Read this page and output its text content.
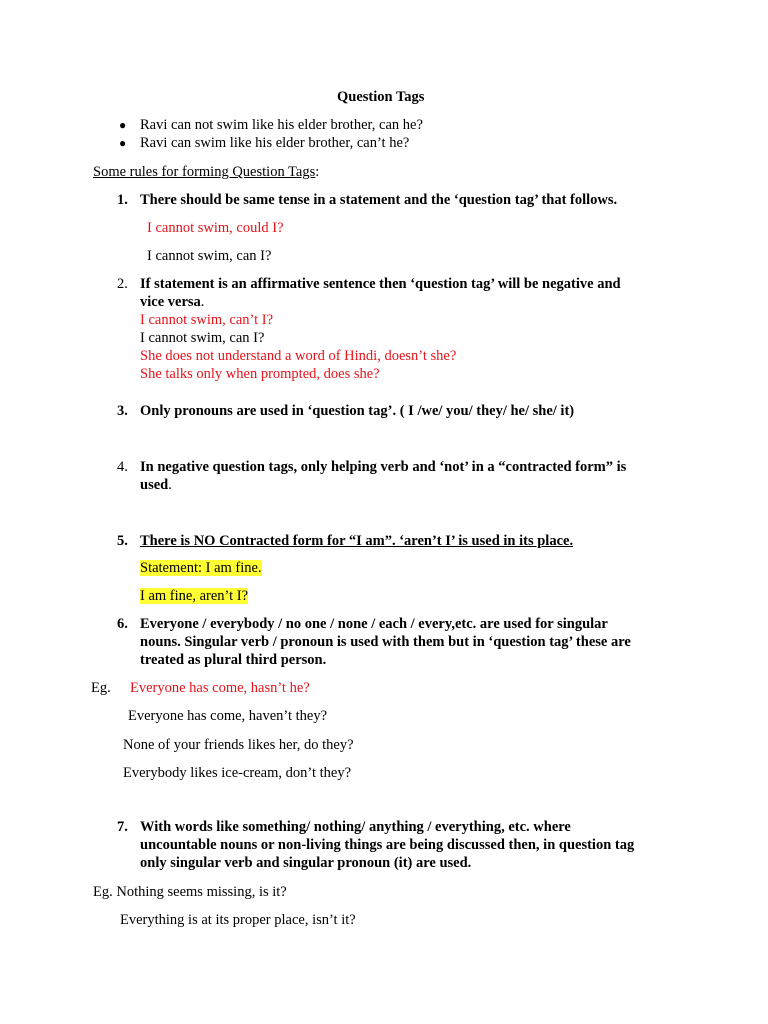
Question Tags
● Ravi can not swim like his elder brother, can he?
● Ravi can swim like his elder brother, can’t he?
Some rules for forming Question Tags:
1. There should be same tense in a statement and the ‘question tag’ that follows.
I cannot swim, could I?
I cannot swim, can I?
2. If statement is an affirmative sentence then ‘question tag’ will be negative and
vice versa.
I cannot swim, can’t I?
I cannot swim, can I?
She does not understand a word of Hindi, doesn’t she?
She talks only when prompted, does she?
3. Only pronouns are used in ‘question tag’. ( I /we/ you/ they/ he/ she/ it)
4. In negative question tags, only helping verb and ‘not’ in a “contracted form” is
used.
5. There is NO Contracted form for “I am”. ‘aren’t I’ is used in its place.
Statement: I am fine.
I am fine, aren’t I?
6. Everyone / everybody / no one / none / each / every,etc. are used for singular
nouns. Singular verb / pronoun is used with them but in ‘question tag’ these are
treated as plural third person.
Eg. Everyone has come, hasn’t he?
Everyone has come, haven’t they?
None of your friends likes her, do they?
Everybody likes ice-cream, don’t they?
7. With words like something/ nothing/ anything / everything, etc. where
uncountable nouns or non-living things are being discussed then, in question tag
only singular verb and singular pronoun (it) are used.
Eg. Nothing seems missing, is it?
Everything is at its proper place, isn’t it?
